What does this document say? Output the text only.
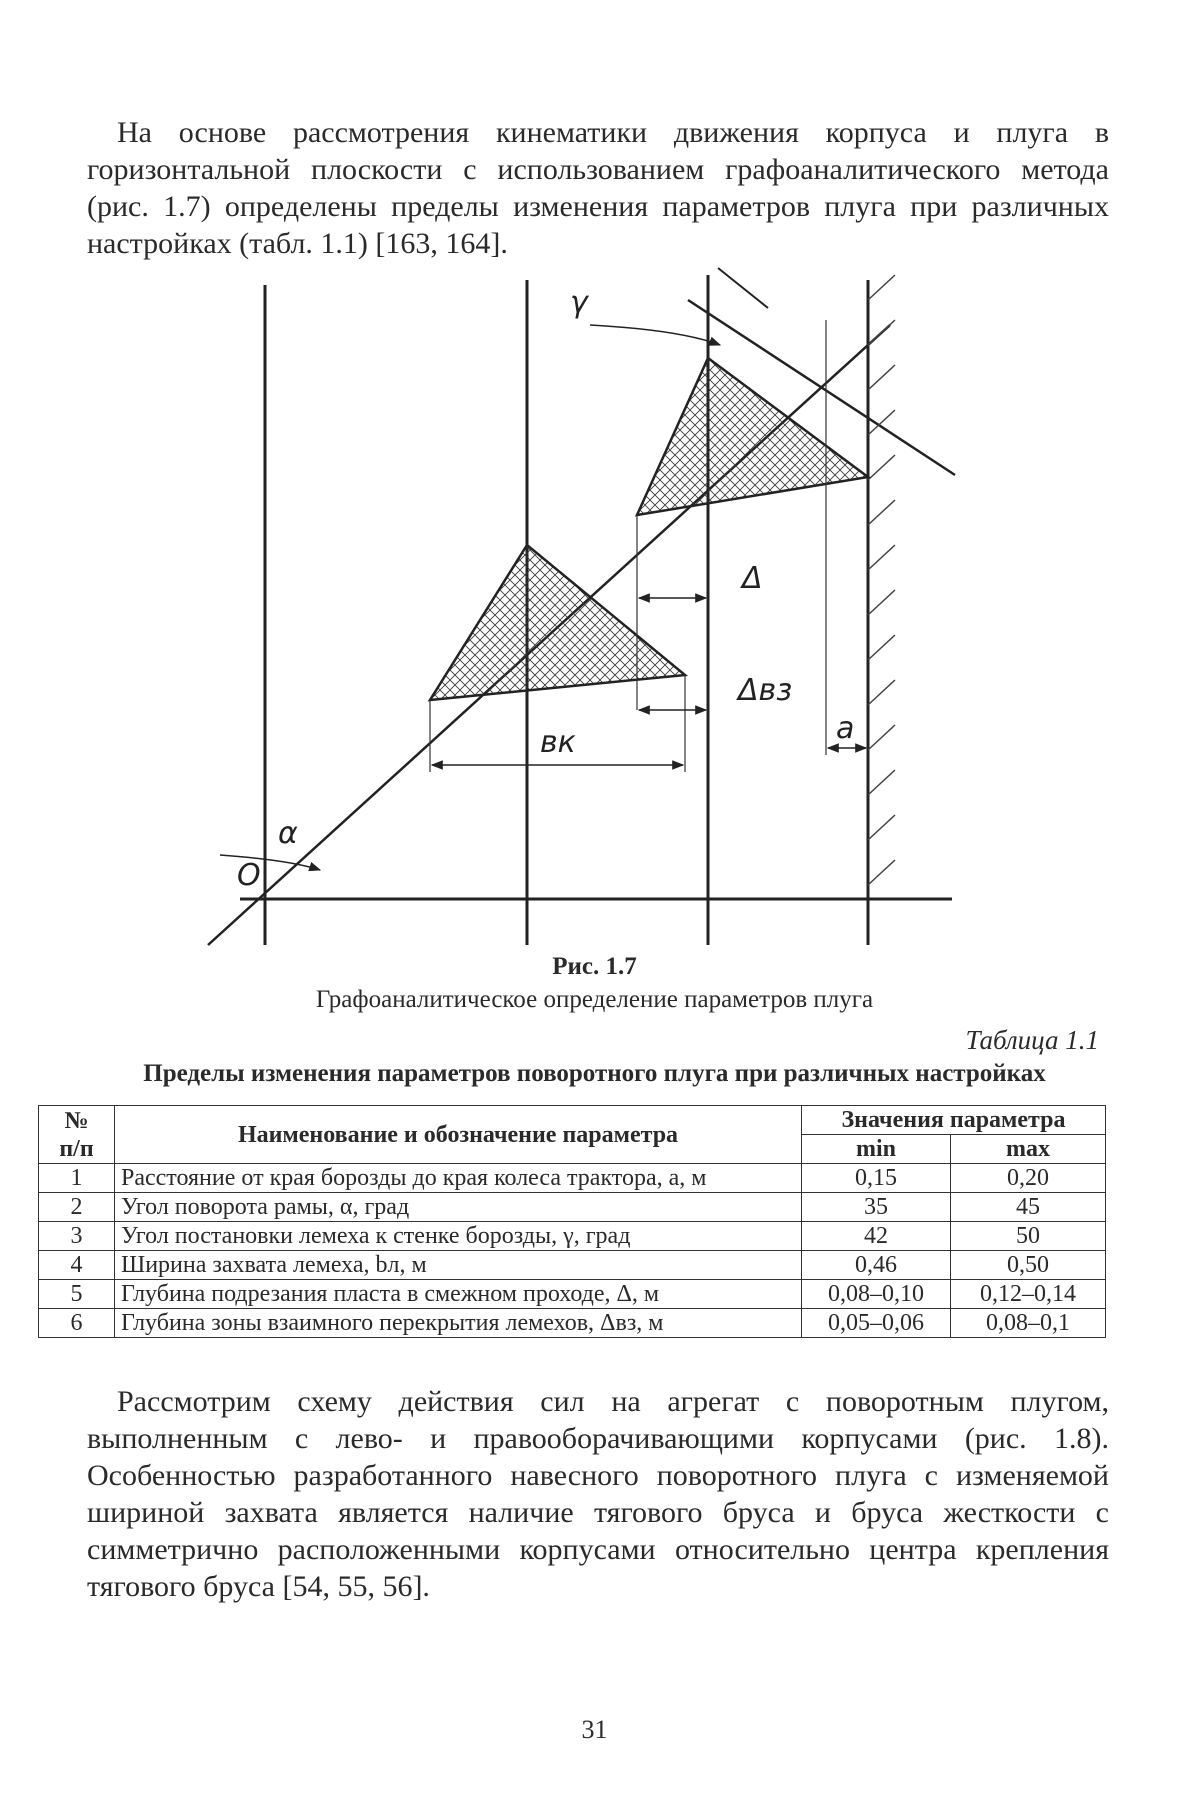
На основе рассмотрения кинематики движения корпуса и плуга в горизонтальной плоскости с использованием графоаналитического метода (рис. 1.7) определены пределы изменения параметров плуга при различных настройках (табл. 1.1) [163, 164].

γ
Δ
Δвз
a
вк
α
O

Рис. 1.7

Графоаналитическое определение параметров плуга

Таблица 1.1

Пределы изменения параметров поворотного плуга при различных настройках

№
п/п	Наименование и обозначение параметра	Значения параметра	
		min	max
1	Расстояние от края борозды до края колеса трактора, a, м	0,15	0,20
2	Угол поворота рамы, α, град	35	45
3	Угол постановки лемеха к стенке борозды, γ, град	42	50
4	Ширина захвата лемеха, bл, м	0,46	0,50
5	Глубина подрезания пласта в смежном проходе, Δ, м	0,08–0,10	0,12–0,14
6	Глубина зоны взаимного перекрытия лемехов, Δвз, м	0,05–0,06	0,08–0,1

Рассмотрим схему действия сил на агрегат с поворотным плугом, выполненным с лево- и правооборачивающими корпусами (рис. 1.8). Особенностью разработанного навесного поворотного плуга с изменяемой шириной захвата является наличие тягового бруса и бруса жесткости с симметрично расположенными корпусами относительно центра крепления тягового бруса [54, 55, 56].

31
